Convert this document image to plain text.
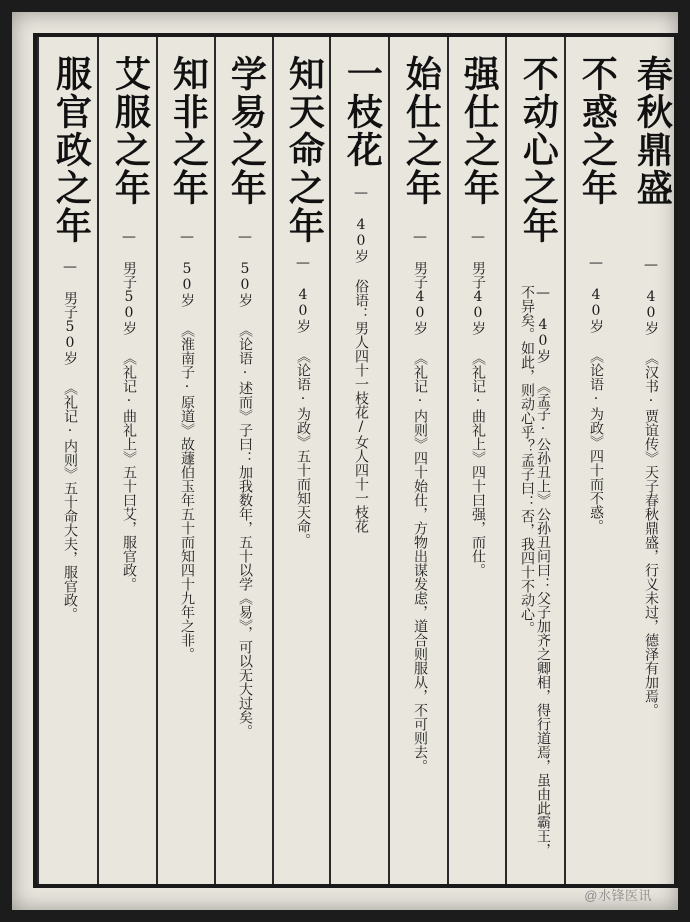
春秋鼎盛
— 40岁 《汉书·贾谊传》天子春秋鼎盛，行义未过，德泽有加焉。
不惑之年
— 40岁 《论语·为政》四十而不惑。
不动心之年
— 40岁 《孟子·公孙丑上》公孙丑问曰：父子加齐之卿相，得行道焉，虽由此霸王，不异矣。如此，则动心乎？孟子曰：否，我四十不动心。
强仕之年
— 男子40岁 《礼记·曲礼上》四十曰强，而仕。
始仕之年
— 男子40岁 《礼记·内则》四十始仕，方物出谋发虑，道合则服从，不可则去。
一枝花
— 40岁 俗语：男人四十一枝花/女人四十一枝花
知天命之年
— 40岁 《论语·为政》五十而知天命。
学易之年
— 50岁 《论语·述而》子曰：加我数年，五十以学《易》，可以无大过矣。
知非之年
— 50岁 《淮南子·原道》故蘧伯玉年五十而知四十九年之非。
艾服之年
— 男子50岁 《礼记·曲礼上》五十曰艾，服官政。
服官政之年
— 男子50岁 《礼记·内则》五十命大夫，服官政。
@水锋医讯
